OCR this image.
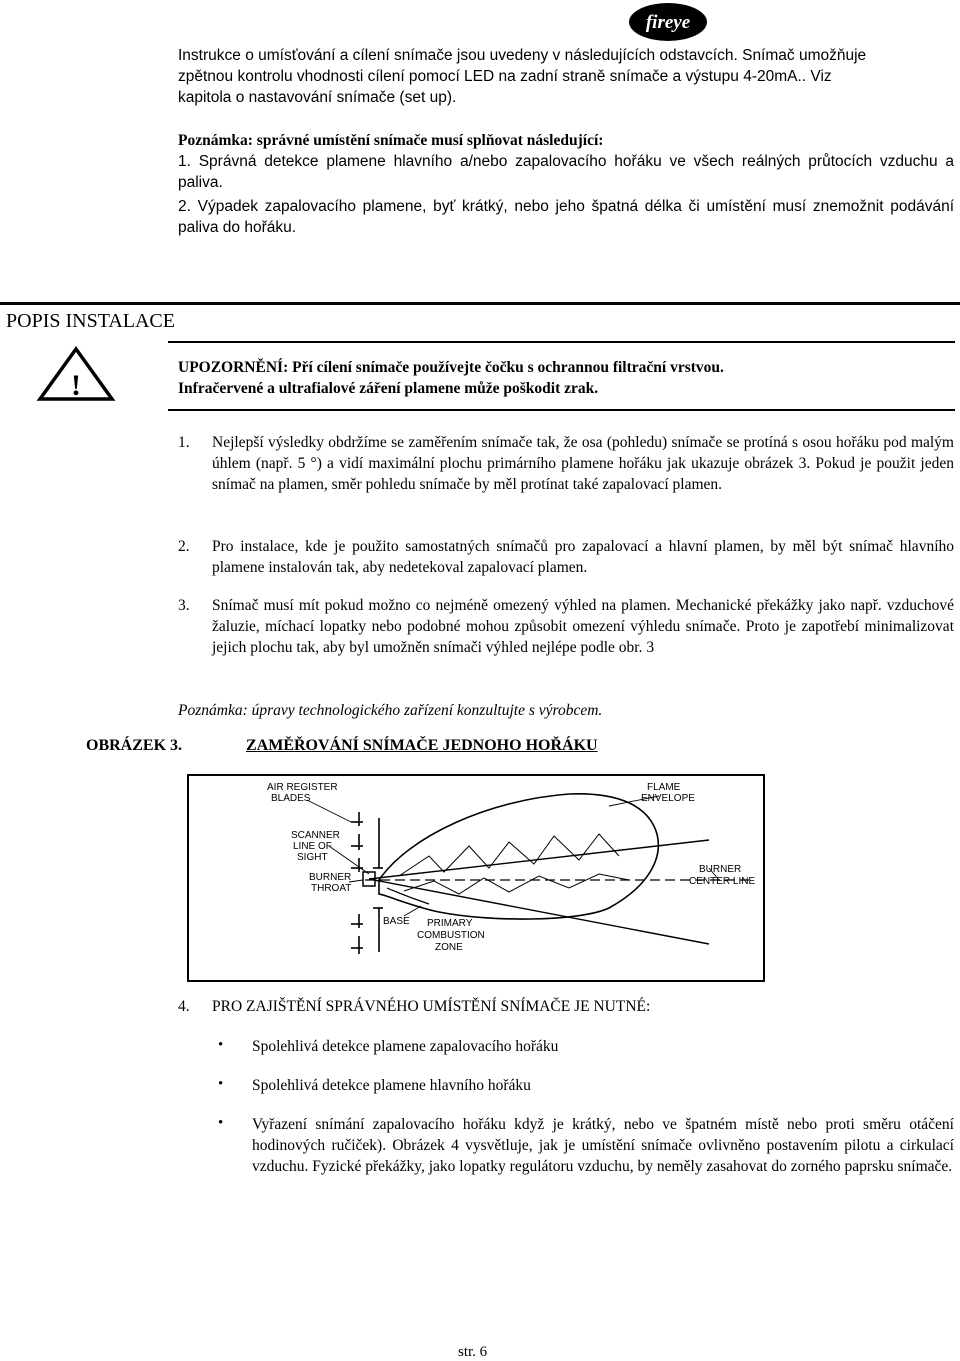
fireye
Instrukce o umísťování a cílení snímače jsou uvedeny v následujících odstavcích. Snímač umožňuje
zpětnou kontrolu vhodnosti cílení pomocí LED na zadní straně snímače a výstupu 4-20mA.. Viz
kapitola o nastavování snímače (set up).
Poznámka: správné umístění snímače musí splňovat následující:
1. Správná detekce plamene hlavního a/nebo zapalovacího hořáku ve všech reálných průtocích vzduchu a paliva.
2. Výpadek zapalovacího plamene, byť krátký, nebo jeho špatná délka či umístění musí znemožnit podávání paliva do hořáku.
POPIS INSTALACE
!
UPOZORNĚNÍ: Pří cílení snímače používejte čočku s ochrannou filtrační vrstvou.
Infračervené a ultrafialové záření plamene může poškodit zrak.
1. Nejlepší výsledky obdržíme se zaměřením snímače tak, že osa (pohledu) snímače se protíná s osou hořáku pod malým úhlem (např. 5 °) a vidí maximální plochu primárního plamene hořáku jak ukazuje obrázek 3. Pokud je použit jeden snímač na plamen, směr pohledu snímače by měl protínat také zapalovací plamen.
2. Pro instalace, kde je použito samostatných snímačů pro zapalovací a hlavní plamen, by měl být snímač hlavního plamene instalován tak, aby nedetekoval zapalovací plamen.
3. Snímač musí mít pokud možno co nejméně omezený výhled na plamen. Mechanické překážky jako např. vzduchové žaluzie, míchací lopatky nebo podobné mohou způsobit omezení výhledu snímače. Proto je zapotřebí minimalizovat jejich plochu tak, aby byl umožněn snímači výhled nejlépe podle obr. 3
Poznámka: úpravy technologického zařízení konzultujte s výrobcem.
OBRÁZEK 3.	ZAMĚŘOVÁNÍ SNÍMAČE JEDNOHO HOŘÁKU
AIR REGISTER
BLADES
FLAME
ENVELOPE
SCANNER
LINE OF
SIGHT
BURNER
THROAT
BURNER
CENTER LINE
BASE PRIMARY
COMBUSTION
ZONE
4. PRO ZAJIŠTĚNÍ SPRÁVNÉHO UMÍSTĚNÍ SNÍMAČE JE NUTNÉ:
• Spolehlivá detekce plamene zapalovacího hořáku
• Spolehlivá detekce plamene hlavního hořáku
• Vyřazení snímání zapalovacího hořáku když je krátký, nebo ve špatném místě nebo proti směru otáčení hodinových ručiček). Obrázek 4 vysvětluje, jak je umístění snímače ovlivněno postavením pilotu a cirkulací vzduchu. Fyzické překážky, jako lopatky regulátoru vzduchu, by neměly zasahovat do zorného paprsku snímače.
str. 6
